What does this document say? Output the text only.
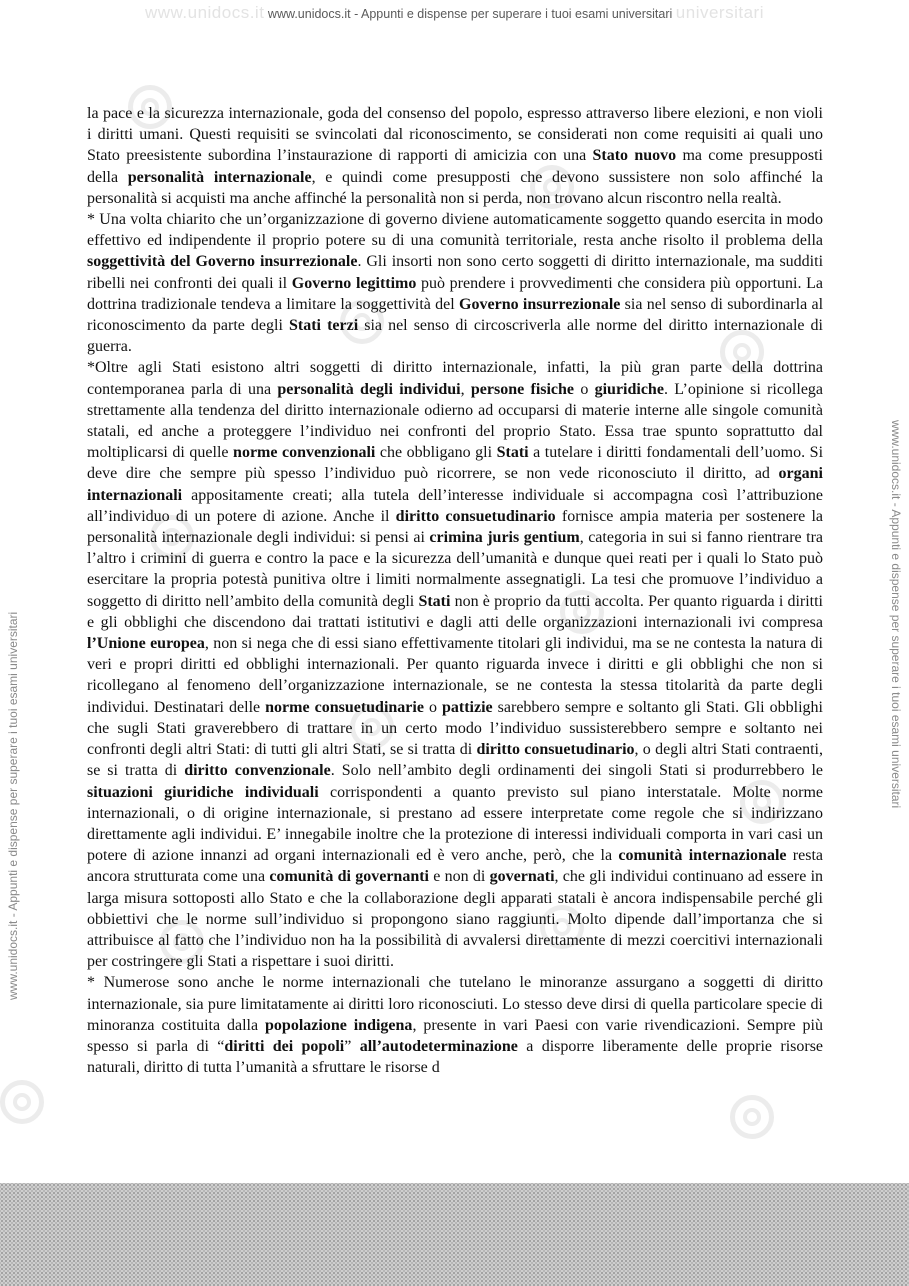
www.unidocs.it www.unidocs.it - Appunti e dispense per superare i tuoi esami universitari universitari
www.unidocs.it - Appunti e dispense per superare i tuoi esami universitari	www.unidocs.it - Appunti e dispense per superare i tuoi esami universitari

la pace e la sicurezza internazionale, goda del consenso del popolo, espresso attraverso libere elezioni, e non violi i diritti umani. Questi requisiti se svincolati dal riconoscimento, se considerati non come requisiti ai quali uno Stato preesistente subordina l’instaurazione di rapporti di amicizia con una Stato nuovo ma come presupposti della personalità internazionale, e quindi come presupposti che devono sussistere non solo affinché la personalità si acquisti ma anche affinché la personalità non si perda, non trovano alcun riscontro nella realtà.

* Una volta chiarito che un’organizzazione di governo diviene automaticamente soggetto quando esercita in modo effettivo ed indipendente il proprio potere su di una comunità territoriale, resta anche risolto il problema della soggettività del Governo insurrezionale. Gli insorti non sono certo soggetti di diritto internazionale, ma sudditi ribelli nei confronti dei quali il Governo legittimo può prendere i provvedimenti che considera più opportuni. La dottrina tradizionale tendeva a limitare la soggettività del Governo insurrezionale sia nel senso di subordinarla al riconoscimento da parte degli Stati terzi sia nel senso di circoscriverla alle norme del diritto internazionale di guerra.

*Oltre agli Stati esistono altri soggetti di diritto internazionale, infatti, la più gran parte della dottrina contemporanea parla di una personalità degli individui, persone fisiche o giuridiche. L’opinione si ricollega strettamente alla tendenza del diritto internazionale odierno ad occuparsi di materie interne alle singole comunità statali, ed anche a proteggere l’individuo nei confronti del proprio Stato. Essa trae spunto soprattutto dal moltiplicarsi di quelle norme convenzionali che obbligano gli Stati a tutelare i diritti fondamentali dell’uomo. Si deve dire che sempre più spesso l’individuo può ricorrere, se non vede riconosciuto il diritto, ad organi internazionali appositamente creati; alla tutela dell’interesse individuale si accompagna così l’attribuzione all’individuo di un potere di azione. Anche il diritto consuetudinario fornisce ampia materia per sostenere la personalità internazionale degli individui: si pensi ai crimina juris gentium, categoria in sui si fanno rientrare tra l’altro i crimini di guerra e contro la pace e la sicurezza dell’umanità e dunque quei reati per i quali lo Stato può esercitare la propria potestà punitiva oltre i limiti normalmente assegnatigli. La tesi che promuove l’individuo a soggetto di diritto nell’ambito della comunità degli Stati non è proprio da tutti accolta. Per quanto riguarda i diritti e gli obblighi che discendono dai trattati istitutivi e dagli atti delle organizzazioni internazionali ivi compresa l’Unione europea, non si nega che di essi siano effettivamente titolari gli individui, ma se ne contesta la natura di veri e propri diritti ed obblighi internazionali. Per quanto riguarda invece i diritti e gli obblighi che non si ricollegano al fenomeno dell’organizzazione internazionale, se ne contesta la stessa titolarità da parte degli individui. Destinatari delle norme consuetudinarie o pattizie sarebbero sempre e soltanto gli Stati. Gli obblighi che sugli Stati graverebbero di trattare in un certo modo l’individuo sussisterebbero sempre e soltanto nei confronti degli altri Stati: di tutti gli altri Stati, se si tratta di diritto consuetudinario, o degli altri Stati contraenti, se si tratta di diritto convenzionale. Solo nell’ambito degli ordinamenti dei singoli Stati si produrrebbero le situazioni giuridiche individuali corrispondenti a quanto previsto sul piano interstatale. Molte norme internazionali, o di origine internazionale, si prestano ad essere interpretate come regole che si indirizzano direttamente agli individui. E’ innegabile inoltre che la protezione di interessi individuali comporta in vari casi un potere di azione innanzi ad organi internazionali ed è vero anche, però, che la comunità internazionale resta ancora strutturata come una comunità di governanti e non di governati, che gli individui continuano ad essere in larga misura sottoposti allo Stato e che la collaborazione degli apparati statali è ancora indispensabile perché gli obbiettivi che le norme sull’individuo si propongono siano raggiunti. Molto dipende dall’importanza che si attribuisce al fatto che l’individuo non ha la possibilità di avvalersi direttamente di mezzi coercitivi internazionali per costringere gli Stati a rispettare i suoi diritti.

* Numerose sono anche le norme internazionali che tutelano le minoranze assurgano a soggetti di diritto internazionale, sia pure limitatamente ai diritti loro riconosciuti. Lo stesso deve dirsi di quella particolare specie di minoranza costituita dalla popolazione indigena, presente in vari Paesi con varie rivendicazioni. Sempre più spesso si parla di “diritti dei popoli” all’autodeterminazione a disporre liberamente delle proprie risorse naturali, diritto di tutta l’umanità a sfruttare le risorse d
